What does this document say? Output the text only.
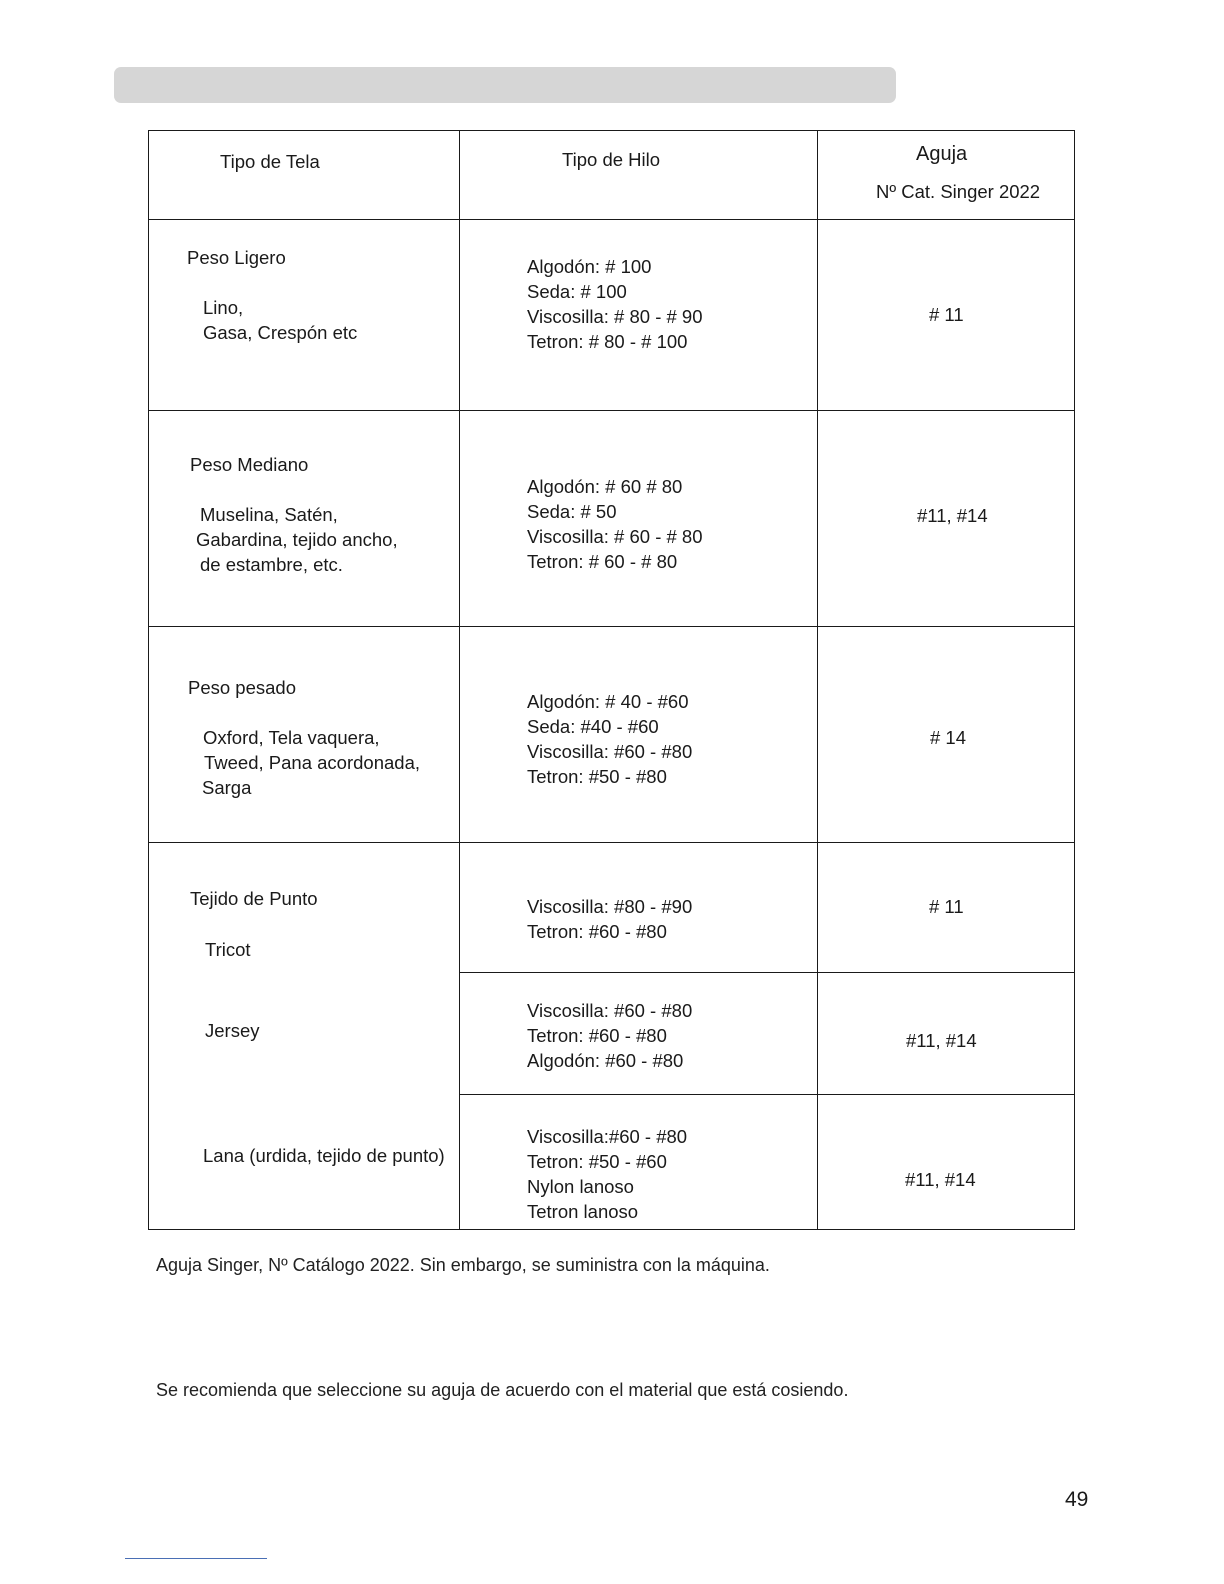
Tipo de Tela	Tipo de Hilo	Aguja
Nº Cat. Singer 2022
Peso Ligero
Lino,
Gasa, Crespón etc
Algodón: # 100
Seda: # 100
Viscosilla: # 80 - # 90
Tetron: # 80 - # 100
# 11
Peso Mediano
Muselina, Satén,
Gabardina, tejido ancho,
de estambre, etc.
Algodón: # 60 # 80
Seda: # 50
Viscosilla: # 60 - # 80
Tetron: # 60 - # 80
#11, #14
Peso pesado
Oxford, Tela vaquera,
Tweed, Pana acordonada,
Sarga
Algodón: # 40 - #60
Seda: #40 - #60
Viscosilla: #60 - #80
Tetron: #50 - #80
# 14
Tejido de Punto
Tricot
Jersey
Lana (urdida, tejido de punto)
Viscosilla: #80 - #90
Tetron: #60 - #80
# 11
Viscosilla: #60 - #80
Tetron: #60 - #80
Algodón: #60 - #80
#11, #14
Viscosilla:#60 - #80
Tetron: #50 - #60
Nylon lanoso
Tetron lanoso
#11, #14
Aguja Singer, Nº Catálogo 2022. Sin embargo, se suministra con la máquina.
Se recomienda que seleccione su aguja de acuerdo con el material que está cosiendo.
49
